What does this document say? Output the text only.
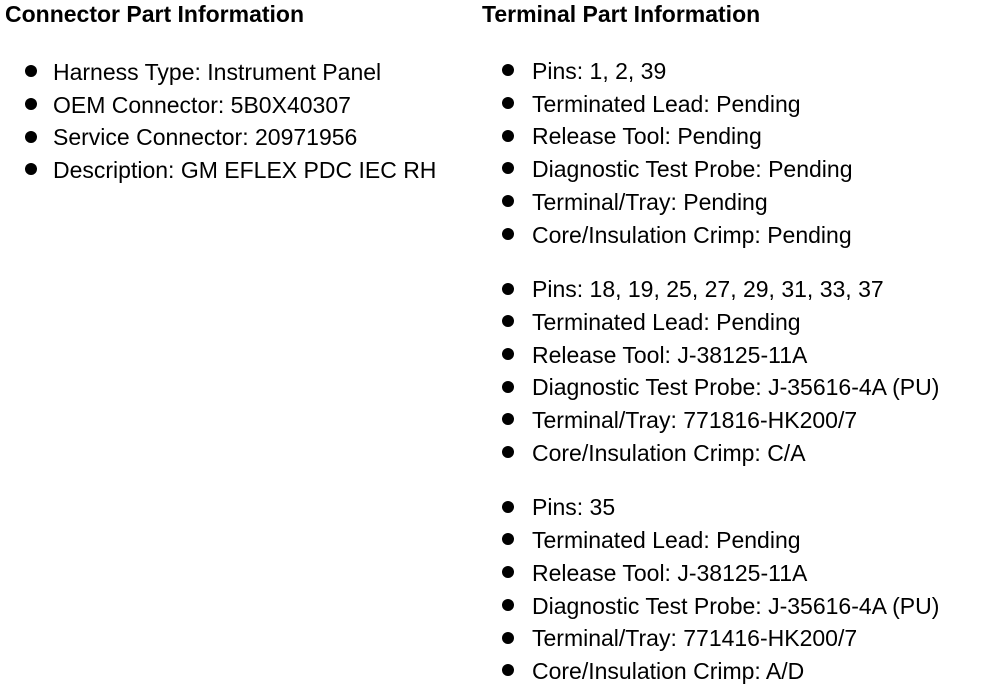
Connector Part Information
Harness Type: Instrument Panel
OEM Connector: 5B0X40307
Service Connector: 20971956
Description: GM EFLEX PDC IEC RH
Terminal Part Information
Pins: 1, 2, 39
Terminated Lead: Pending
Release Tool: Pending
Diagnostic Test Probe: Pending
Terminal/Tray: Pending
Core/Insulation Crimp: Pending
Pins: 18, 19, 25, 27, 29, 31, 33, 37
Terminated Lead: Pending
Release Tool: J-38125-11A
Diagnostic Test Probe: J-35616-4A (PU)
Terminal/Tray: 771816-HK200/7
Core/Insulation Crimp: C/A
Pins: 35
Terminated Lead: Pending
Release Tool: J-38125-11A
Diagnostic Test Probe: J-35616-4A (PU)
Terminal/Tray: 771416-HK200/7
Core/Insulation Crimp: A/D
